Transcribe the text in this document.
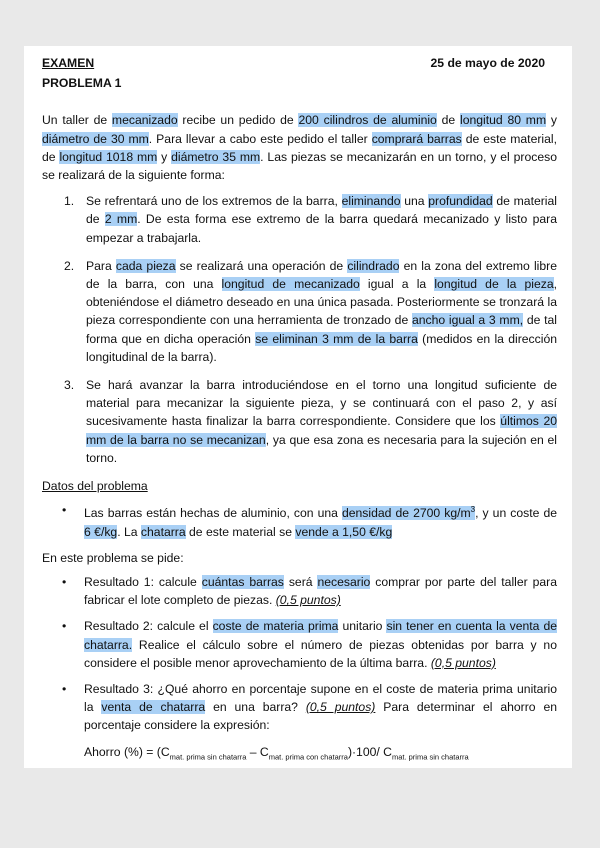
EXAMEN	25 de mayo de 2020
PROBLEMA 1

Un taller de mecanizado recibe un pedido de 200 cilindros de aluminio de longitud 80 mm y diámetro de 30 mm. Para llevar a cabo este pedido el taller comprará barras de este material, de longitud 1018 mm y diámetro 35 mm. Las piezas se mecanizarán en un torno, y el proceso se realizará de la siguiente forma:

1. Se refrentará uno de los extremos de la barra, eliminando una profundidad de material de 2 mm. De esta forma ese extremo de la barra quedará mecanizado y listo para empezar a trabajarla.
2. Para cada pieza se realizará una operación de cilindrado en la zona del extremo libre de la barra, con una longitud de mecanizado igual a la longitud de la pieza, obteniéndose el diámetro deseado en una única pasada. Posteriormente se tronzará la pieza correspondiente con una herramienta de tronzado de ancho igual a 3 mm, de tal forma que en dicha operación se eliminan 3 mm de la barra (medidos en la dirección longitudinal de la barra).
3. Se hará avanzar la barra introduciéndose en el torno una longitud suficiente de material para mecanizar la siguiente pieza, y se continuará con el paso 2, y así sucesivamente hasta finalizar la barra correspondiente. Considere que los últimos 20 mm de la barra no se mecanizan, ya que esa zona es necesaria para la sujeción en el torno.
Datos del problema
• Las barras están hechas de aluminio, con una densidad de 2700 $kg/m^3$, y un coste de 6 €/kg. La chatarra de este material se vende a 1,50 €/kg

En este problema se pide:

• Resultado 1: calcule cuántas barras será necesario comprar por parte del taller para fabricar el lote completo de piezas. (0,5 puntos)
• Resultado 2: calcule el coste de materia prima unitario sin tener en cuenta la venta de chatarra. Realice el cálculo sobre el número de piezas obtenidas por barra y no considere el posible menor aprovechamiento de la última barra. (0,5 puntos)
• Resultado 3: ¿Qué ahorro en porcentaje supone en el coste de materia prima unitario la venta de chatarra en una barra? (0,5 puntos) Para determinar el ahorro en porcentaje considere la expresión:
Ahorro (%) = $(C_{mat. prima sin chatarra} - C_{mat. prima con chatarra})\cdot 100/$ $C_{mat. prima sin chatarra}$
